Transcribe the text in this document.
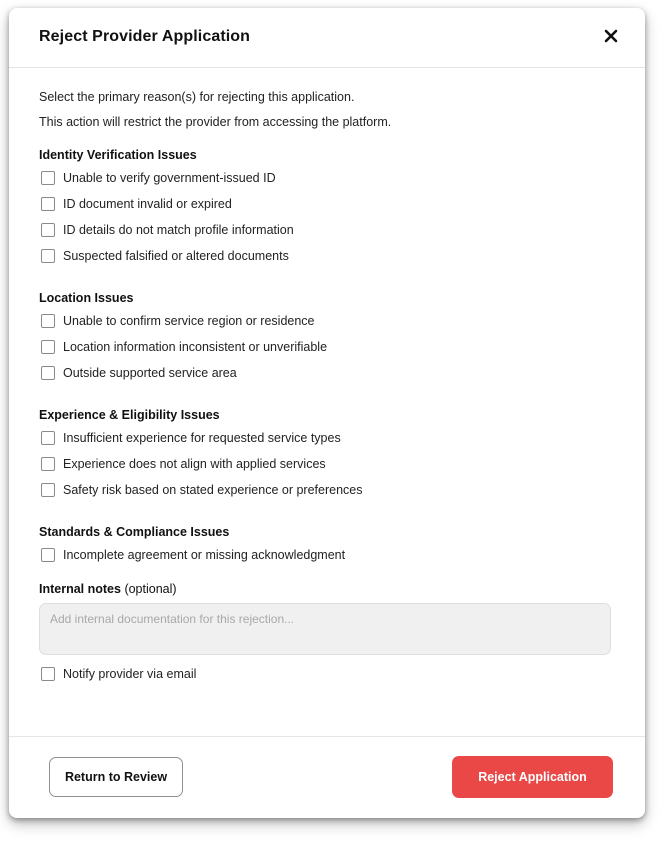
Reject Provider Application

Select the primary reason(s) for rejecting this application.

This action will restrict the provider from accessing the platform.

Identity Verification Issues
Unable to verify government-issued ID
ID document invalid or expired
ID details do not match profile information
Suspected falsified or altered documents
Location Issues
Unable to confirm service region or residence
Location information inconsistent or unverifiable
Outside supported service area
Experience & Eligibility Issues
Insufficient experience for requested service types
Experience does not align with applied services
Safety risk based on stated experience or preferences
Standards & Compliance Issues
Incomplete agreement or missing acknowledgment
Internal notes (optional)
Add internal documentation for this rejection...
Notify provider via email
Return to Review	Reject Application
